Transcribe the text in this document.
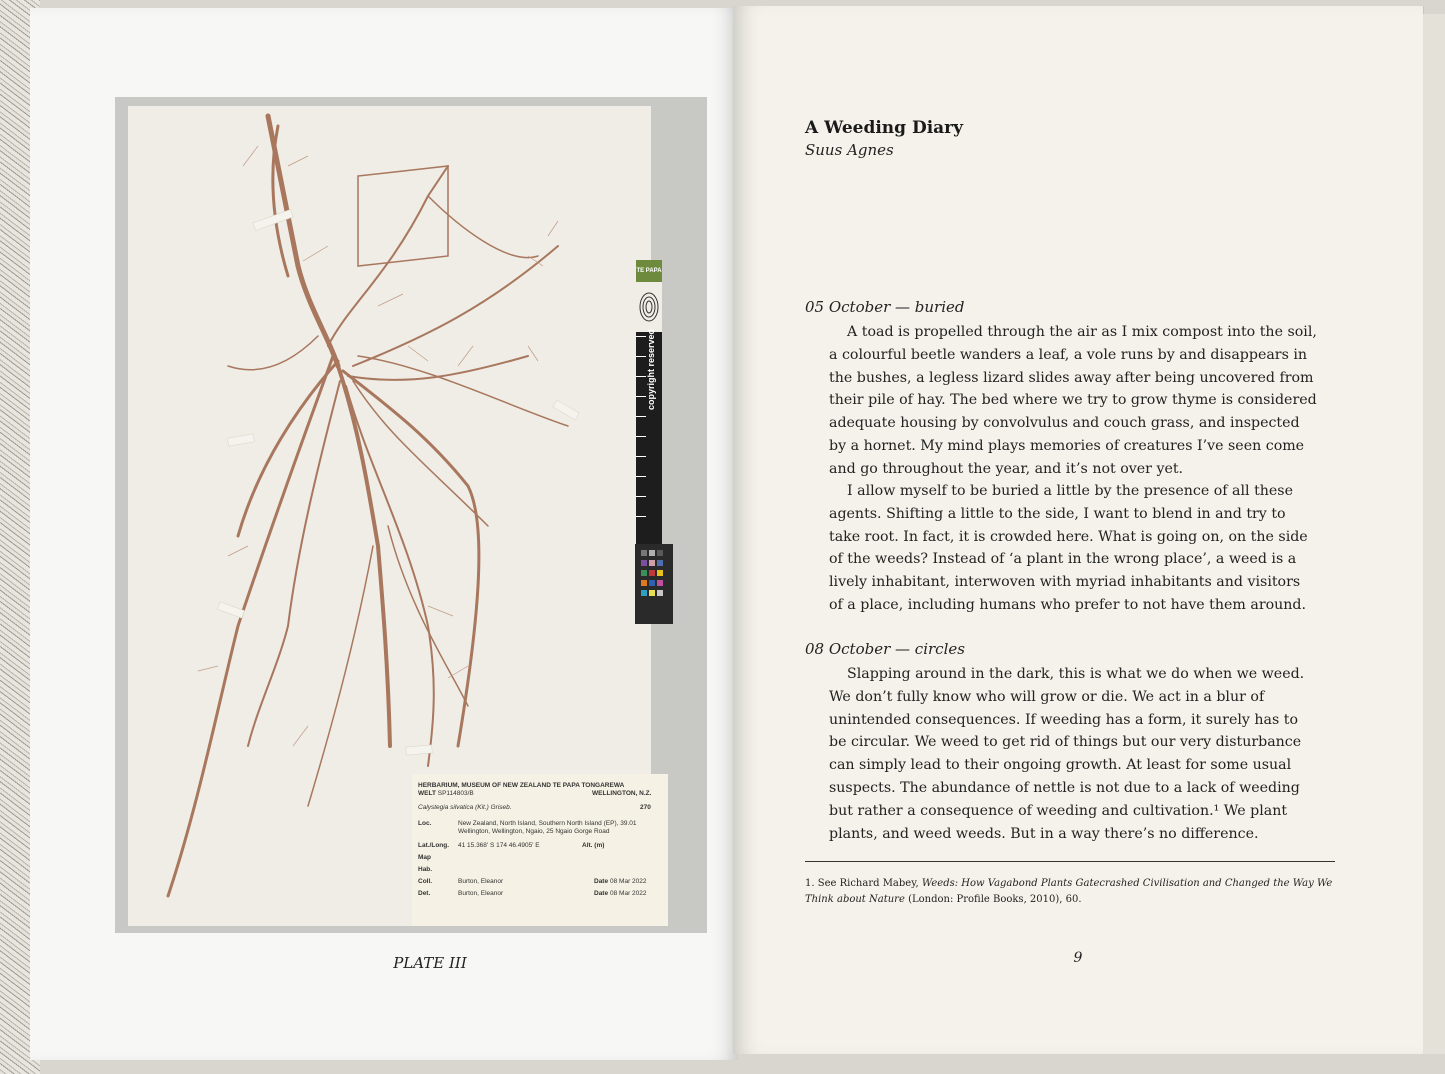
TE PAPA
copyright reserved
HERBARIUM, MUSEUM OF NEW ZEALAND TE PAPA TONGAREWA
WELT SP114803/B	WELLINGTON, N.Z.
Calystegia silvatica (Kit.) Griseb.	270
Loc.	New Zealand, North Island, Southern North Island (EP), 39.01
Wellington, Wellington, Ngaio, 25 Ngaio Gorge Road
Lat./Long. 41 15.368' S 174 46.4905' E	Alt. (m)
Map
Hab.
Coll.	Burton, Eleanor	Date 08 Mar 2022
Det.	Burton, Eleanor	Date 08 Mar 2022
PLATE III
A Weeding Diary
Suus Agnes
05 October — buried
A toad is propelled through the air as I mix compost into the soil,
a colourful beetle wanders a leaf, a vole runs by and disappears in
the bushes, a legless lizard slides away after being uncovered from
their pile of hay. The bed where we try to grow thyme is considered
adequate housing by convolvulus and couch grass, and inspected
by a hornet. My mind plays memories of creatures I’ve seen come
and go throughout the year, and it’s not over yet.
I allow myself to be buried a little by the presence of all these
agents. Shifting a little to the side, I want to blend in and try to
take root. In fact, it is crowded here. What is going on, on the side
of the weeds? Instead of ‘a plant in the wrong place’, a weed is a
lively inhabitant, interwoven with myriad inhabitants and visitors
of a place, including humans who prefer to not have them around.
08 October — circles
Slapping around in the dark, this is what we do when we weed.
We don’t fully know who will grow or die. We act in a blur of
unintended consequences. If weeding has a form, it surely has to
be circular. We weed to get rid of things but our very disturbance
can simply lead to their ongoing growth. At least for some usual
suspects. The abundance of nettle is not due to a lack of weeding
but rather a consequence of weeding and cultivation.¹ We plant
plants, and weed weeds. But in a way there’s no difference.
1. See Richard Mabey, Weeds: How Vagabond Plants Gatecrashed Civilisation and Changed the Way We Think about Nature (London: Profile Books, 2010), 60.
9
